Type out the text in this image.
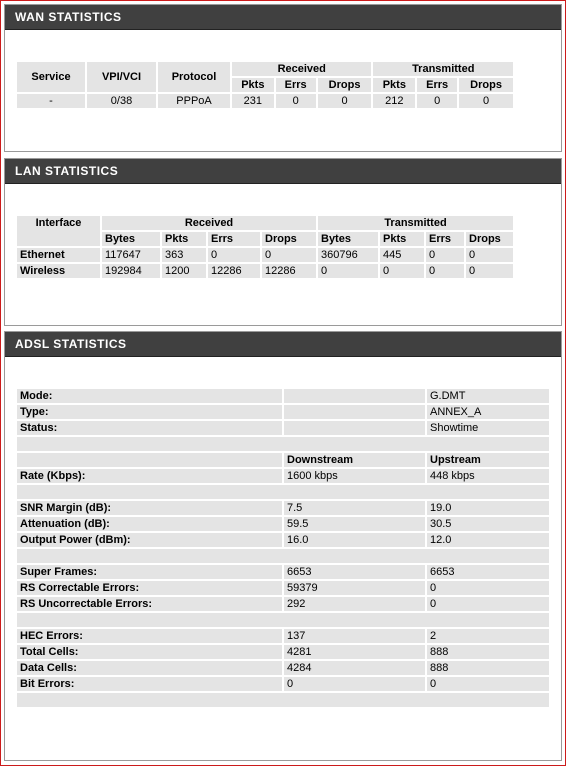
WAN STATISTICS
Service	VPI/VCI	Protocol	Received			Transmitted		
			Pkts	Errs	Drops	Pkts	Errs	Drops
-	0/38	PPPoA	231	0	0	212	0	0
LAN STATISTICS
Interface	Received				Transmitted			
	Bytes	Pkts	Errs	Drops	Bytes	Pkts	Errs	Drops
Ethernet	117647	363	0	0	360796	445	0	0
Wireless	192984	1200	12286	12286	0	0	0	0
ADSL STATISTICS
Mode:		G.DMT
Type:		ANNEX_A
Status:		Showtime

	Downstream	Upstream
Rate (Kbps):	1600 kbps	448 kbps

SNR Margin (dB):	7.5	19.0
Attenuation (dB):	59.5	30.5
Output Power (dBm):	16.0	12.0

Super Frames:	6653	6653
RS Correctable Errors:	59379	0
RS Uncorrectable Errors:	292	0

HEC Errors:	137	2
Total Cells:	4281	888
Data Cells:	4284	888
Bit Errors:	0	0
